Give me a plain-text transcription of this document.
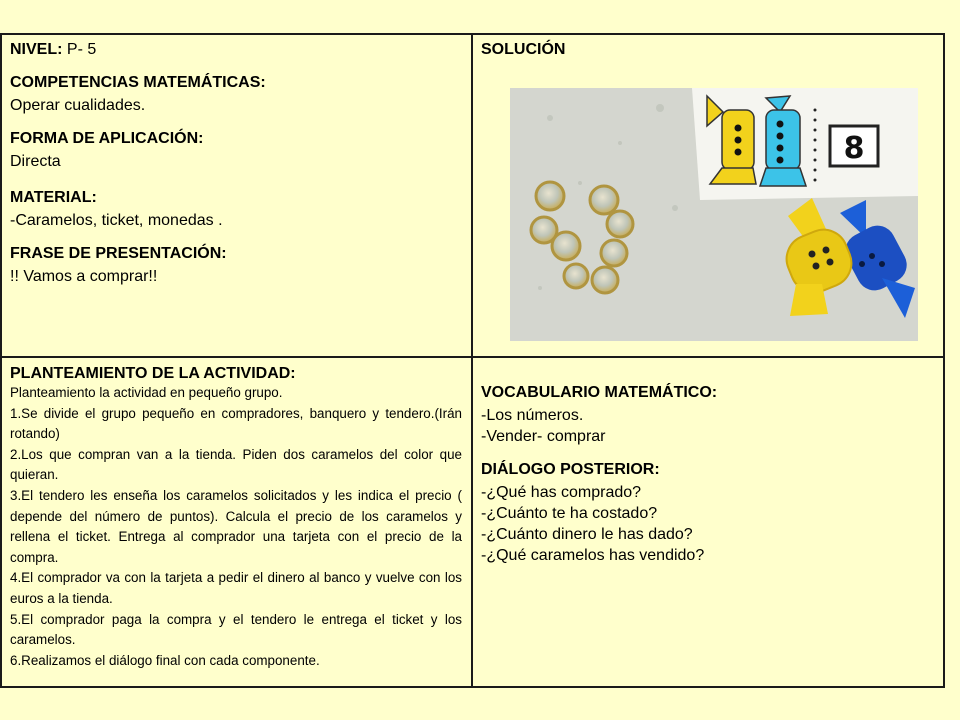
NIVEL: P- 5
COMPETENCIAS MATEMÁTICAS:
Operar cualidades.
FORMA DE APLICACIÓN:
Directa
MATERIAL:
-Caramelos, ticket, monedas .
FRASE DE PRESENTACIÓN:
!! Vamos a comprar!!
SOLUCIÓN
8
PLANTEAMIENTO DE LA ACTIVIDAD:
Planteamiento la actividad en pequeño grupo.
1.Se divide el grupo pequeño en compradores, banquero y tendero.(Irán rotando)
2.Los que compran van a la tienda. Piden dos caramelos del color que quieran.
3.El tendero les enseña los caramelos solicitados y les indica el precio ( depende del número de puntos). Calcula el precio de los caramelos y rellena el ticket. Entrega al comprador una tarjeta con el precio de la compra.
4.El comprador va con la tarjeta a pedir el dinero al banco y vuelve con los euros a la tienda.
5.El comprador paga la compra y el tendero le entrega el ticket y los caramelos.
6.Realizamos el diálogo final con cada componente.
VOCABULARIO MATEMÁTICO:
-Los números.
-Vender- comprar
DIÁLOGO POSTERIOR:
-¿Qué has comprado?
-¿Cuánto te ha costado?
-¿Cuánto dinero le has dado?
-¿Qué caramelos has vendido?
